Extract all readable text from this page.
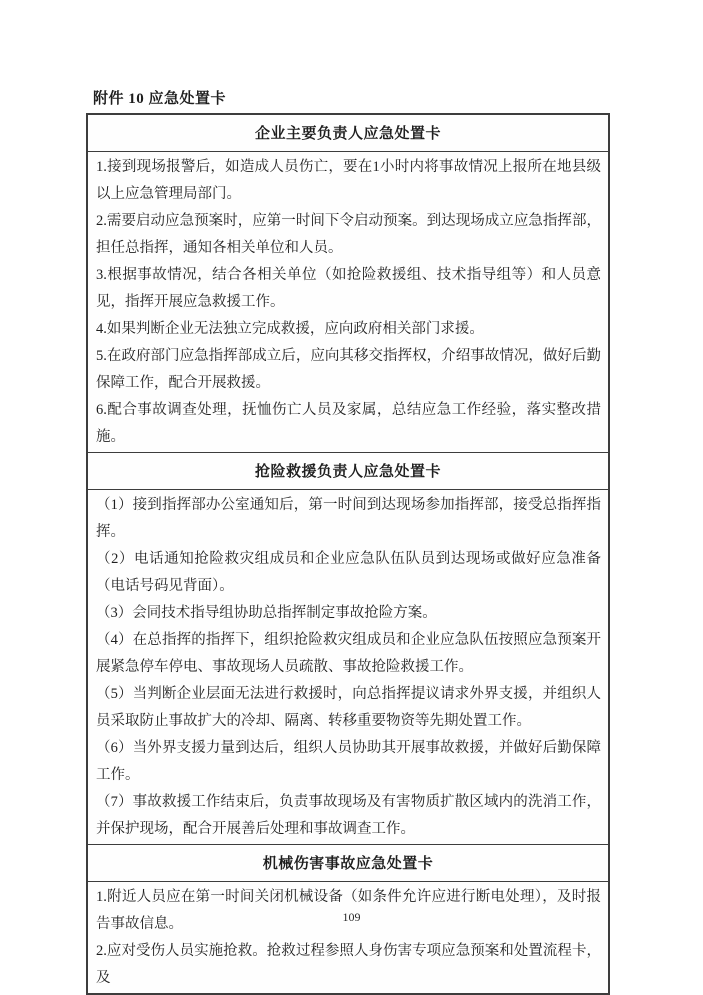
附件 10 应急处置卡
企业主要负责人应急处置卡

1.接到现场报警后，如造成人员伤亡，要在1小时内将事故情况上报所在地县级以上应急管理局部门。

2.需要启动应急预案时，应第一时间下令启动预案。到达现场成立应急指挥部，担任总指挥，通知各相关单位和人员。

3.根据事故情况，结合各相关单位（如抢险救援组、技术指导组等）和人员意见，指挥开展应急救援工作。

4.如果判断企业无法独立完成救援，应向政府相关部门求援。

5.在政府部门应急指挥部成立后，应向其移交指挥权，介绍事故情况，做好后勤保障工作，配合开展救援。

6.配合事故调查处理，抚恤伤亡人员及家属，总结应急工作经验，落实整改措施。

抢险救援负责人应急处置卡

（1）接到指挥部办公室通知后，第一时间到达现场参加指挥部，接受总指挥指挥。

（2）电话通知抢险救灾组成员和企业应急队伍队员到达现场或做好应急准备（电话号码见背面）。

（3）会同技术指导组协助总指挥制定事故抢险方案。

（4）在总指挥的指挥下，组织抢险救灾组成员和企业应急队伍按照应急预案开展紧急停车停电、事故现场人员疏散、事故抢险救援工作。

（5）当判断企业层面无法进行救援时，向总指挥提议请求外界支援，并组织人员采取防止事故扩大的冷却、隔离、转移重要物资等先期处置工作。

（6）当外界支援力量到达后，组织人员协助其开展事故救援，并做好后勤保障工作。

（7）事故救援工作结束后，负责事故现场及有害物质扩散区域内的洗消工作，并保护现场，配合开展善后处理和事故调查工作。

机械伤害事故应急处置卡

1.附近人员应在第一时间关闭机械设备（如条件允许应进行断电处理），及时报告事故信息。

2.应对受伤人员实施抢救。抢救过程参照人身伤害专项应急预案和处置流程卡，及

109
